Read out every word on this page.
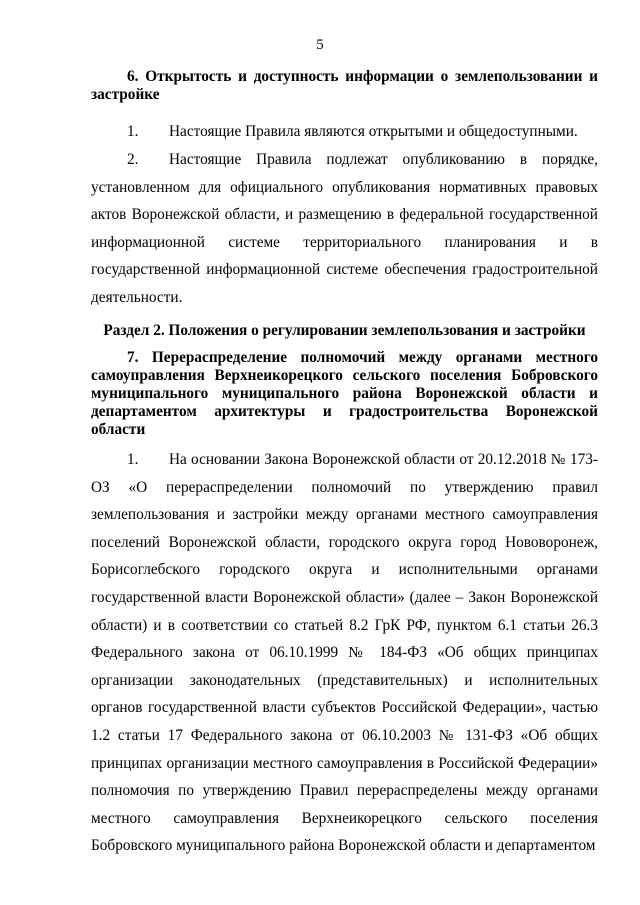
5

6. Открытость и доступность информации о землепользовании и застройке

1. Настоящие Правила являются открытыми и общедоступными.

2. Настоящие Правила подлежат опубликованию в порядке, установленном для официального опубликования нормативных правовых актов Воронежской области, и размещению в федеральной государственной информационной системе территориального планирования и в государственной информационной системе обеспечения градостроительной деятельности.

Раздел 2. Положения о регулировании землепользования и застройки

7. Перераспределение полномочий между органами местного самоуправления Верхнеикорецкого сельского поселения Бобровского муниципального муниципального района Воронежской области и департаментом архитектуры и градостроительства Воронежской области

1. На основании Закона Воронежской области от 20.12.2018 № 173-ОЗ «О перераспределении полномочий по утверждению правил землепользования и застройки между органами местного самоуправления поселений Воронежской области, городского округа город Нововоронеж, Борисоглебского городского округа и исполнительными органами государственной власти Воронежской области» (далее – Закон Воронежской области) и в соответствии со статьей 8.2 ГрК РФ, пунктом 6.1 статьи 26.3 Федерального закона от 06.10.1999 № 184-ФЗ «Об общих принципах организации законодательных (представительных) и исполнительных органов государственной власти субъектов Российской Федерации», частью 1.2 статьи 17 Федерального закона от 06.10.2003 № 131-ФЗ «Об общих принципах организации местного самоуправления в Российской Федерации» полномочия по утверждению Правил перераспределены между органами местного самоуправления Верхнеикорецкого сельского поселения Бобровского муниципального района Воронежской области и департаментом
